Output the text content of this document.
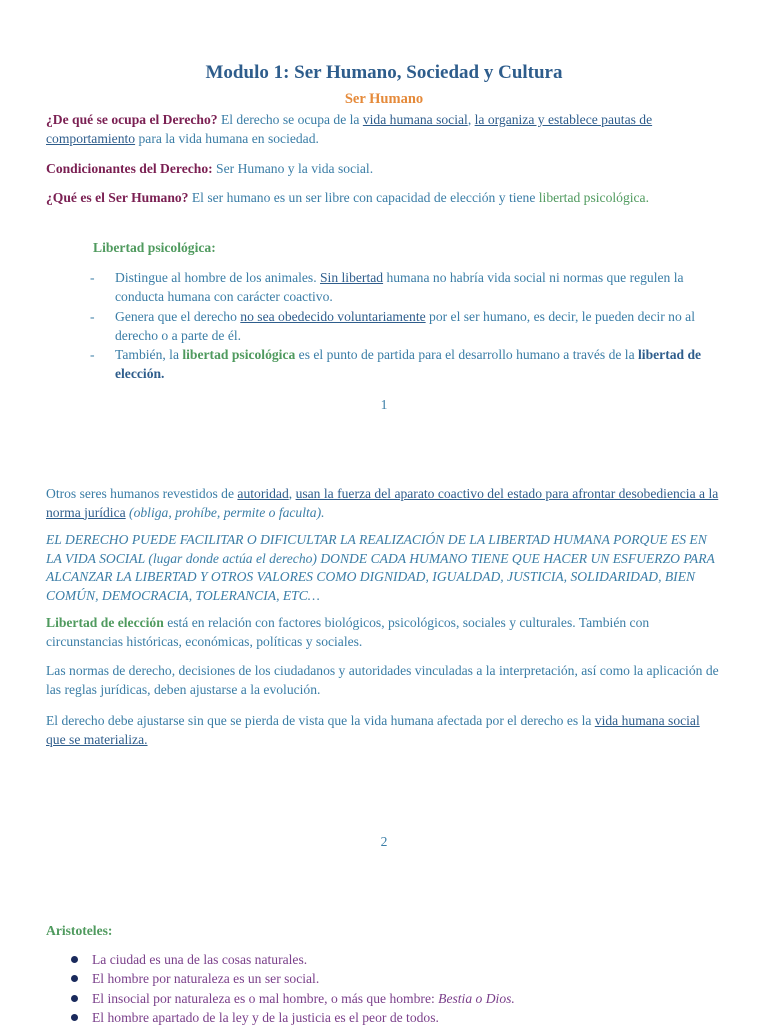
Modulo 1: Ser Humano, Sociedad y Cultura
Ser Humano

¿De qué se ocupa el Derecho? El derecho se ocupa de la vida humana social, la organiza y establece pautas de comportamiento para la vida humana en sociedad.

Condicionantes del Derecho: Ser Humano y la vida social.

¿Qué es el Ser Humano? El ser humano es un ser libre con capacidad de elección y tiene libertad psicológica.

Libertad psicológica:

- Distingue al hombre de los animales. Sin libertad humana no habría vida social ni normas que regulen la conducta humana con carácter coactivo.
- Genera que el derecho no sea obedecido voluntariamente por el ser humano, es decir, le pueden decir no al derecho o a parte de él.
- También, la libertad psicológica es el punto de partida para el desarrollo humano a través de la libertad de elección.

1

Otros seres humanos revestidos de autoridad, usan la fuerza del aparato coactivo del estado para afrontar desobediencia a la norma jurídica (obliga, prohíbe, permite o faculta).

EL DERECHO PUEDE FACILITAR O DIFICULTAR LA REALIZACIÓN DE LA LIBERTAD HUMANA PORQUE ES EN LA VIDA SOCIAL (lugar donde actúa el derecho) DONDE CADA HUMANO TIENE QUE HACER UN ESFUERZO PARA ALCANZAR LA LIBERTAD Y OTROS VALORES COMO DIGNIDAD, IGUALDAD, JUSTICIA, SOLIDARIDAD, BIEN COMÚN, DEMOCRACIA, TOLERANCIA, ETC…

Libertad de elección está en relación con factores biológicos, psicológicos, sociales y culturales. También con circunstancias históricas, económicas, políticas y sociales.

Las normas de derecho, decisiones de los ciudadanos y autoridades vinculadas a la interpretación, así como la aplicación de las reglas jurídicas, deben ajustarse a la evolución.

El derecho debe ajustarse sin que se pierda de vista que la vida humana afectada por el derecho es la vida humana social que se materializa.

2

Aristoteles:

La ciudad es una de las cosas naturales.
El hombre por naturaleza es un ser social.
El insocial por naturaleza es o mal hombre, o más que hombre: Bestia o Dios.
El hombre apartado de la ley y de la justicia es el peor de todos.
